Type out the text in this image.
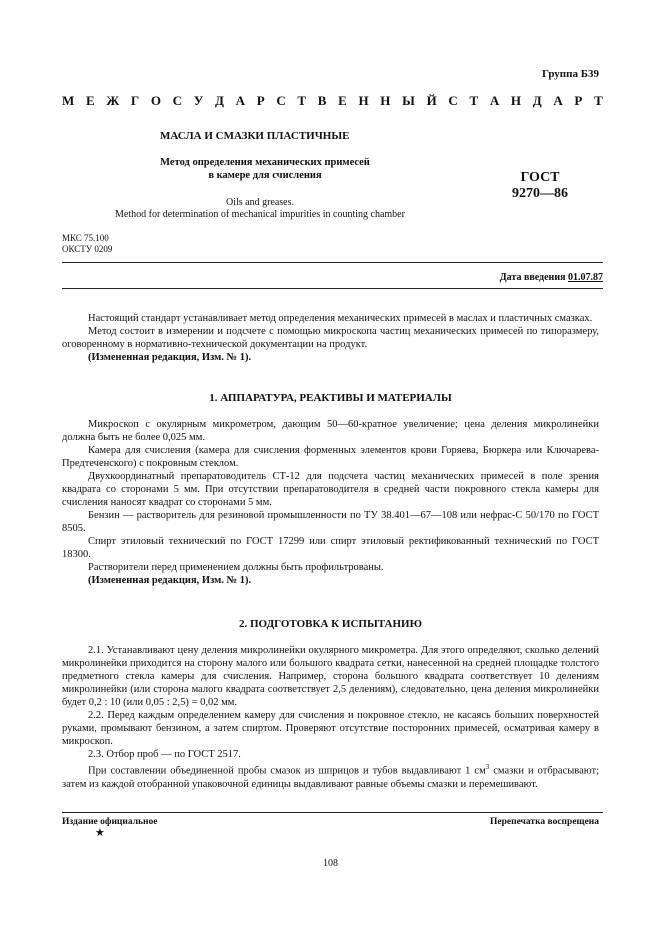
Группа Б39
М Е Ж Г О С У Д А Р С Т В Е Н Н Ы Й С Т А Н Д А Р Т
МАСЛА И СМАЗКИ ПЛАСТИЧНЫЕ
Метод определения механических примесей
в камере для счисления	ГОСТ
9270—86
Oils and greases.
Method for determination of mechanical impurities in counting chamber
МКС 75.100
ОКСТУ 0209
Дата введения 01.07.87

Настоящий стандарт устанавливает метод определения механических примесей в маслах и пластичных смазках.

Метод состоит в измерении и подсчете с помощью микроскопа частиц механических примесей по типоразмеру, оговоренному в нормативно-технической документации на продукт.

(Измененная редакция, Изм. № 1).

1. АППАРАТУРА, РЕАКТИВЫ И МАТЕРИАЛЫ

Микроскоп с окулярным микрометром, дающим 50—60-кратное увеличение; цена деления микролинейки должна быть не более 0,025 мм.

Камера для счисления (камера для счисления форменных элементов крови Горяева, Бюркера или Ключарева-Предтеченского) с покровным стеклом.

Двухкоординатный препаратоводитель СТ-12 для подсчета частиц механических примесей в поле зрения квадрата со сторонами 5 мм. При отсутствии препаратоводителя в средней части покровного стекла камеры для счисления наносят квадрат со сторонами 5 мм.

Бензин — растворитель для резиновой промышленности по ТУ 38.401—67—108 или нефрас-С 50/170 по ГОСТ 8505.

Спирт этиловый технический по ГОСТ 17299 или спирт этиловый ректификованный технический по ГОСТ 18300.

Растворители перед применением должны быть профильтрованы.

(Измененная редакция, Изм. № 1).

2. ПОДГОТОВКА К ИСПЫТАНИЮ

2.1. Устанавливают цену деления микролинейки окулярного микрометра. Для этого определяют, сколько делений микролинейки приходится на сторону малого или большого квадрата сетки, нанесенной на средней площадке толстого предметного стекла камеры для счисления. Например, сторона большого квадрата соответствует 10 делениям микролинейки (или сторона малого квадрата соответствует 2,5 делениям), следовательно, цена деления микролинейки будет 0,2 : 10 (или 0,05 : 2,5) = 0,02 мм.

2.2. Перед каждым определением камеру для счисления и покровное стекло, не касаясь больших поверхностей руками, промывают бензином, а затем спиртом. Проверяют отсутствие посторонних примесей, осматривая камеру в микроскоп.

2.3. Отбор проб — по ГОСТ 2517.

При составлении объединенной пробы смазок из шприцов и тубов выдавливают 1 $см^3$ смазки и отбрасывают; затем из каждой отобранной упаковочной единицы выдавливают равные объемы смазки и перемешивают.

Издание официальное	Перепечатка воспрещена
★
108
